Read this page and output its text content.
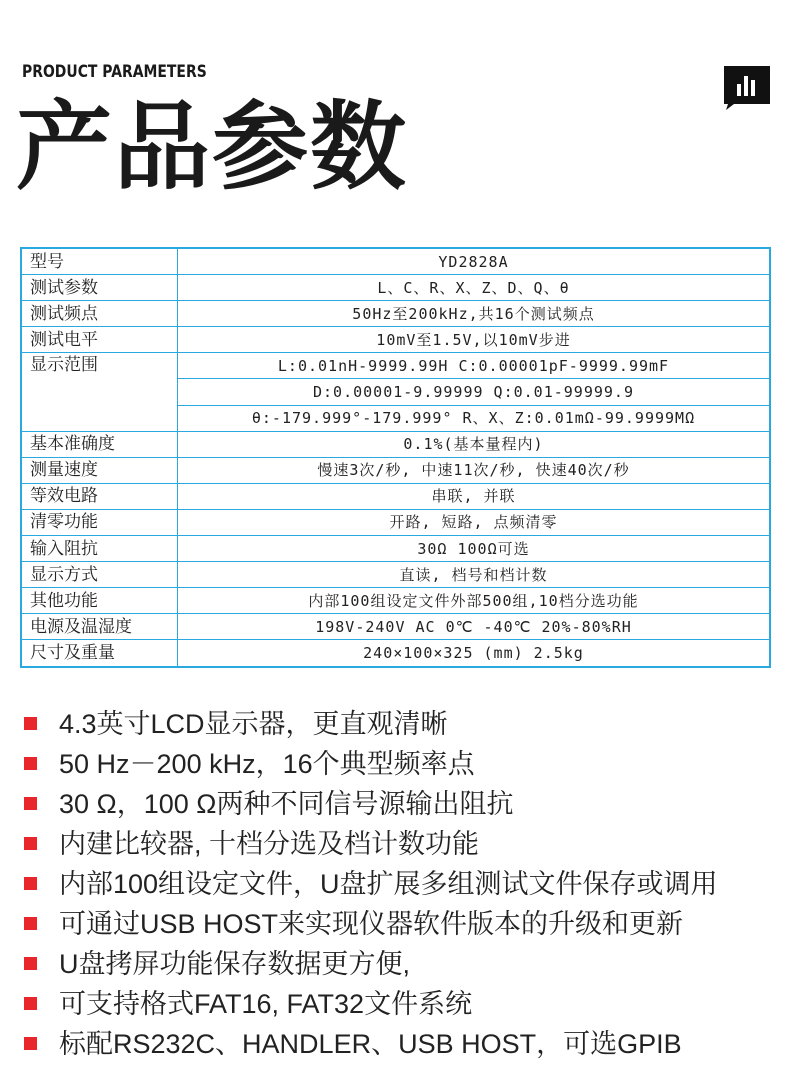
PRODUCT PARAMETERS
产品参数
型号	YD2828A
测试参数	L、C、R、X、Z、D、Q、θ
测试频点	50Hz至200kHz,共16个测试频点
测试电平	10mV至1.5V,以10mV步进
显示范围	L:0.01nH-9999.99H C:0.00001pF-9999.99mF
	D:0.00001-9.99999 Q:0.01-99999.9
	θ:-179.999°-179.999° R、X、Z:0.01mΩ-99.9999MΩ
基本准确度	0.1%(基本量程内)
测量速度	慢速3次/秒, 中速11次/秒, 快速40次/秒
等效电路	串联, 并联
清零功能	开路, 短路, 点频清零
输入阻抗	30Ω 100Ω可选
显示方式	直读, 档号和档计数
其他功能	内部100组设定文件外部500组,10档分选功能
电源及温湿度	198V-240V AC 0℃ -40℃ 20%-80%RH
尺寸及重量	240×100×325 (mm) 2.5kg
4.3英寸LCD显示器，更直观清晰
50 Hz－200 kHz，16个典型频率点
30 Ω，100 Ω两种不同信号源输出阻抗
内建比较器, 十档分选及档计数功能
内部100组设定文件，U盘扩展多组测试文件保存或调用
可通过USB HOST来实现仪器软件版本的升级和更新
U盘拷屏功能保存数据更方便,
可支持格式FAT16, FAT32文件系统
标配RS232C、HANDLER、USB HOST，可选GPIB
